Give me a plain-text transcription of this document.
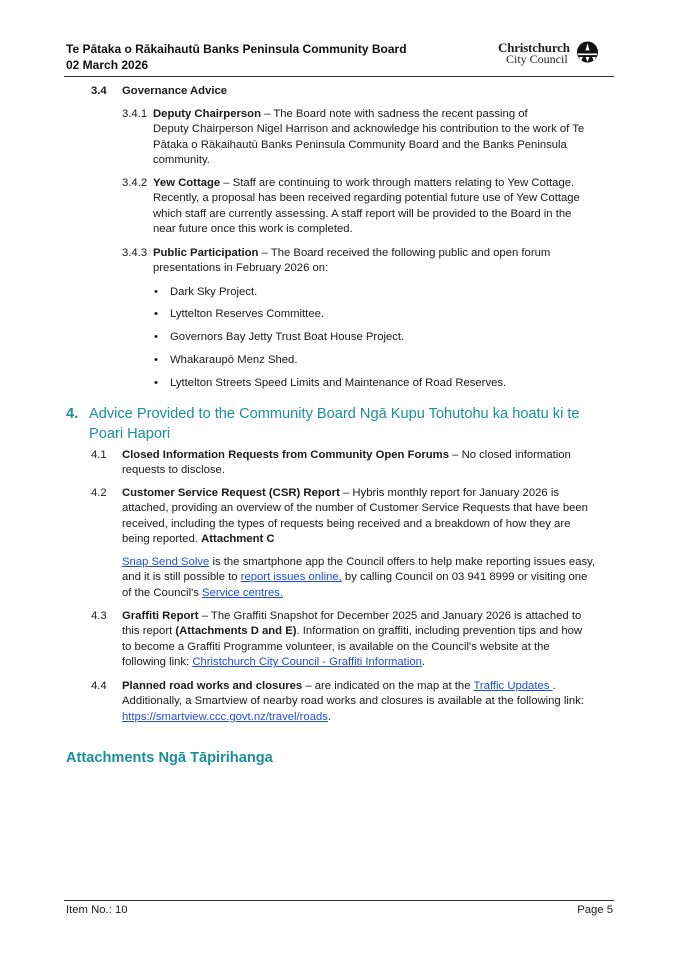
Te Pātaka o Rākaihautū Banks Peninsula Community Board
02 March 2026
Christchurch
City Council
3.4 Governance Advice
3.4.1 Deputy Chairperson – The Board note with sadness the recent passing of
Deputy Chairperson Nigel Harrison and acknowledge his contribution to the work of Te
Pātaka o Rākaihautū Banks Peninsula Community Board and the Banks Peninsula
community.
3.4.2 Yew Cottage – Staff are continuing to work through matters relating to Yew Cottage.
Recently, a proposal has been received regarding potential future use of Yew Cottage
which staff are currently assessing. A staff report will be provided to the Board in the
near future once this work is completed.
3.4.3 Public Participation – The Board received the following public and open forum
presentations in February 2026 on:
• Dark Sky Project.
• Lyttelton Reserves Committee.
• Governors Bay Jetty Trust Boat House Project.
• Whakaraupō Menz Shed.
• Lyttelton Streets Speed Limits and Maintenance of Road Reserves.
4. Advice Provided to the Community Board Ngā Kupu Tohutohu ka hoatu ki te
Poari Hapori
4.1 Closed Information Requests from Community Open Forums – No closed information
requests to disclose.
4.2 Customer Service Request (CSR) Report – Hybris monthly report for January 2026 is
attached, providing an overview of the number of Customer Service Requests that have been
received, including the types of requests being received and a breakdown of how they are
being reported. Attachment C
Snap Send Solve is the smartphone app the Council offers to help make reporting issues easy,
and it is still possible to report issues online, by calling Council on 03 941 8999 or visiting one
of the Council's Service centres.
4.3 Graffiti Report – The Graffiti Snapshot for December 2025 and January 2026 is attached to
this report (Attachments D and E). Information on graffiti, including prevention tips and how
to become a Graffiti Programme volunteer, is available on the Council's website at the
following link: Christchurch City Council - Graffiti Information.
4.4 Planned road works and closures – are indicated on the map at the Traffic Updates .
Additionally, a Smartview of nearby road works and closures is available at the following link:
https://smartview.ccc.govt.nz/travel/roads.
Attachments Ngā Tāpirihanga
Item No.: 10	Page 5
